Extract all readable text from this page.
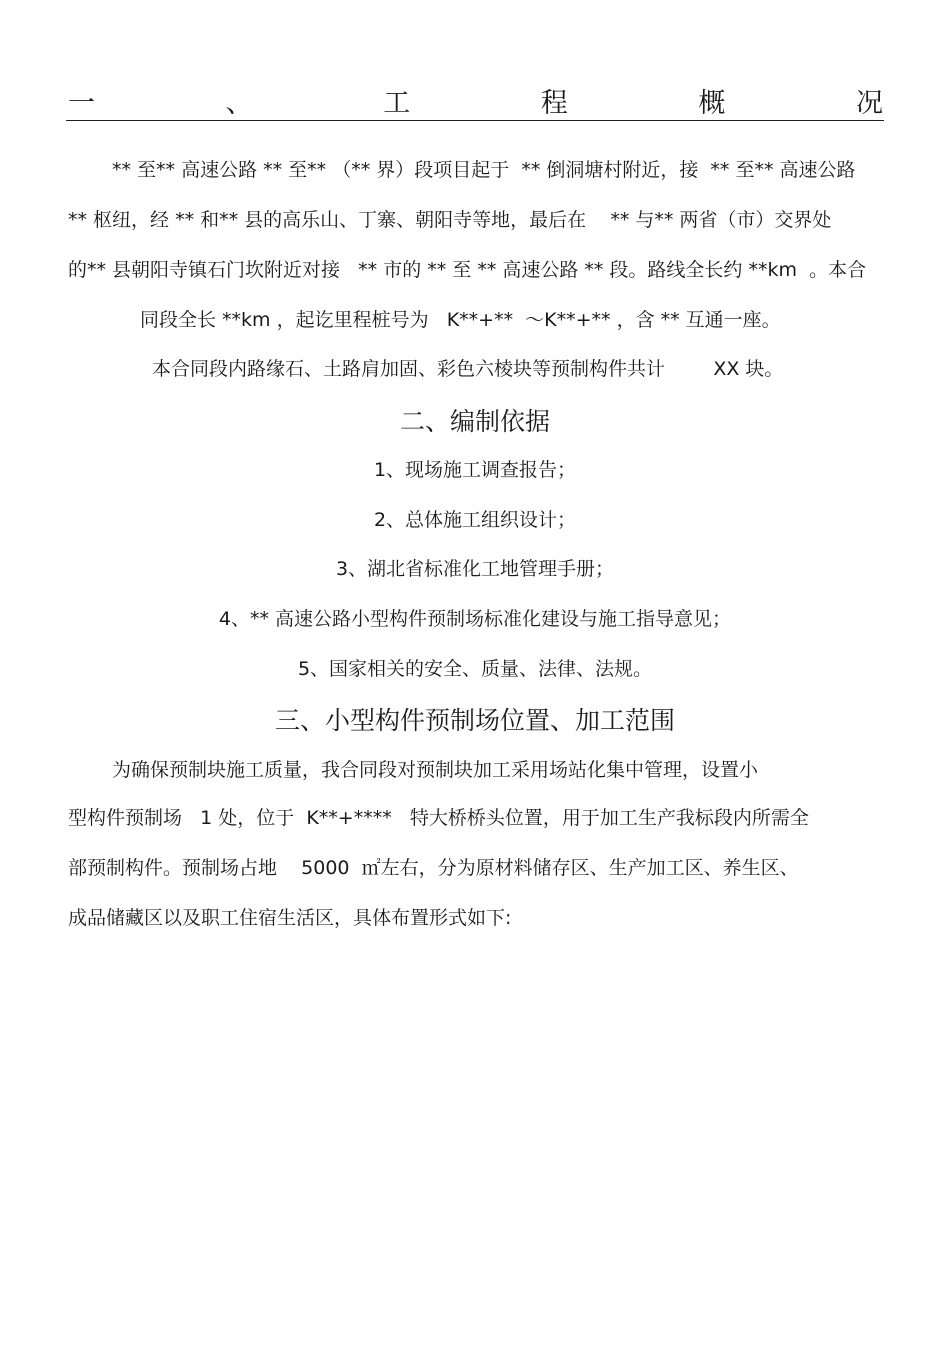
一	、	工	程	概	况
** 至** 高速公路 ** 至** （** 界）段项目起于  ** 倒洞塘村附近，接  ** 至** 高速公路
** 枢纽，经 ** 和** 县的高乐山、丁寨、朝阳寺等地，最后在    ** 与** 两省（市）交界处
的** 县朝阳寺镇石门坎附近对接   ** 市的 ** 至 ** 高速公路 ** 段。路线全长约 **km  。本合
同段全长 **km ，起讫里程桩号为   K**+**  ～K**+** ，含 ** 互通一座。
本合同段内路缘石、土路肩加固、彩色六棱块等预制构件共计        XX 块。
二、编制依据
1、现场施工调查报告；
2、总体施工组织设计；
3、湖北省标准化工地管理手册；
4、** 高速公路小型构件预制场标准化建设与施工指导意见；
5、国家相关的安全、质量、法律、法规。
三、小型构件预制场位置、加工范围
为确保预制块施工质量，我合同段对预制块加工采用场站化集中管理，设置小
型构件预制场   1 处，位于  K**+****   特大桥桥头位置，用于加工生产我标段内所需全
部预制构件。预制场占地    5000  ㎡左右，分为原材料储存区、生产加工区、养生区、
成品储藏区以及职工住宿生活区，具体布置形式如下:
